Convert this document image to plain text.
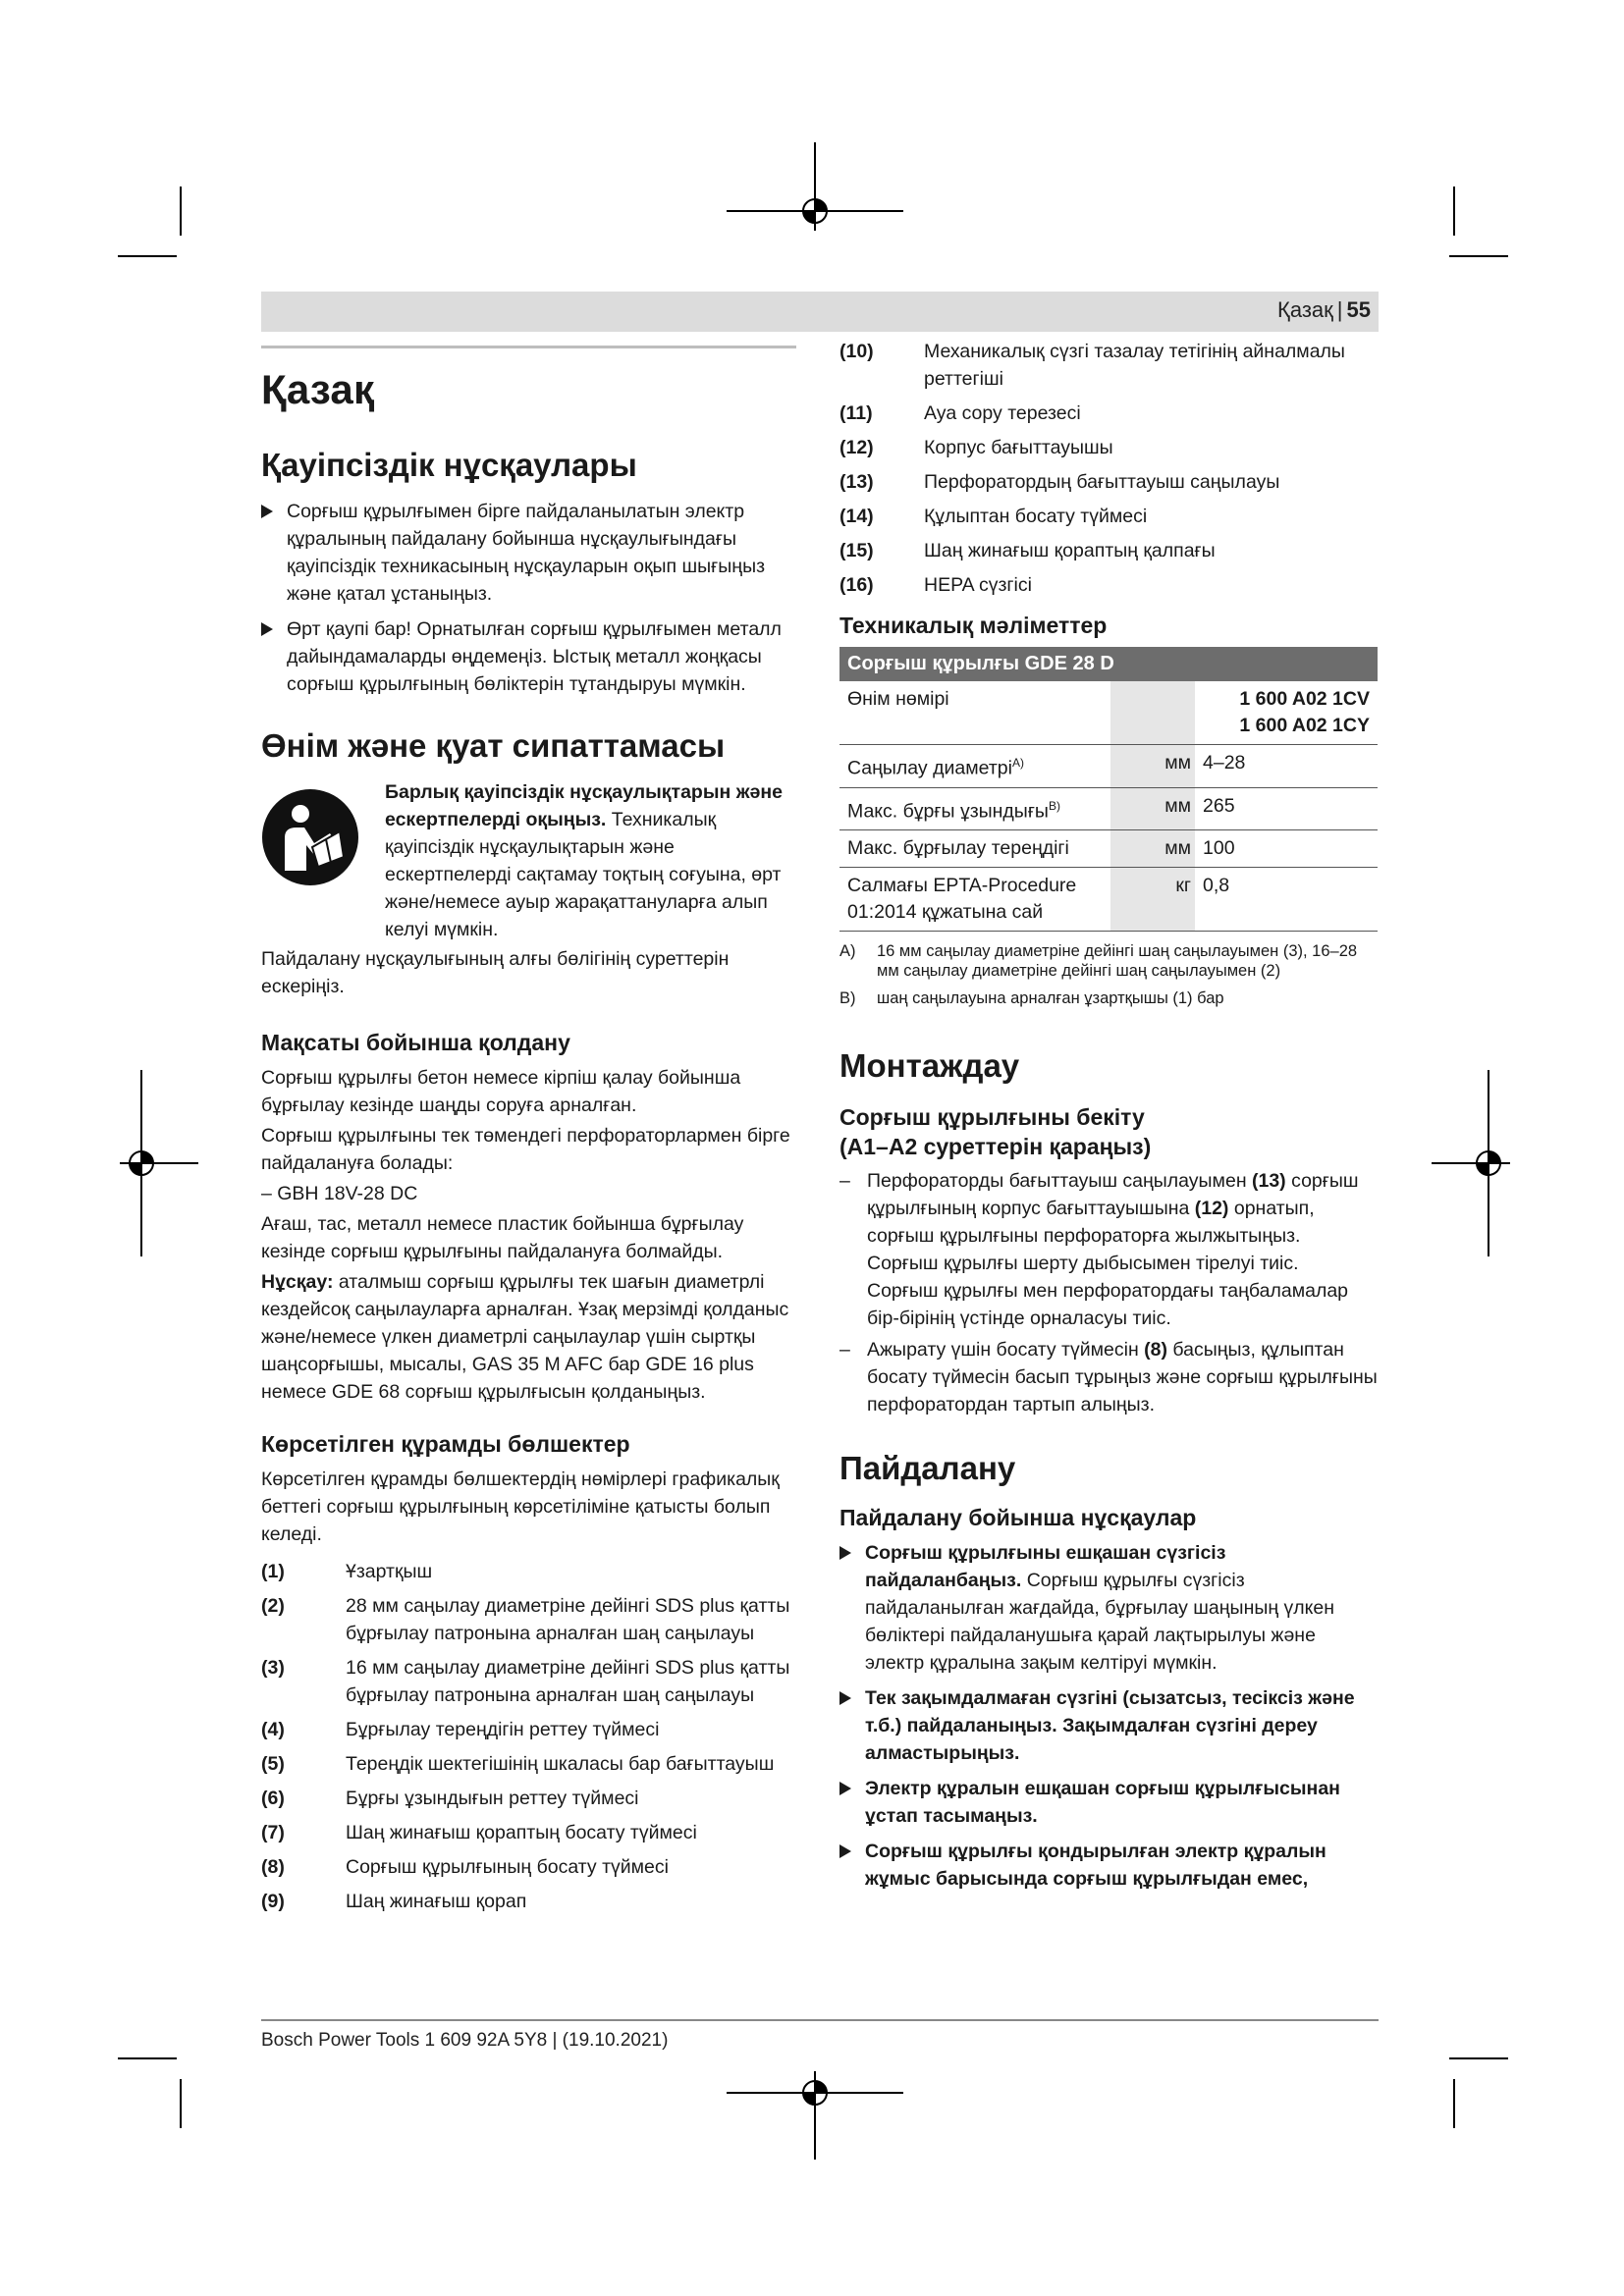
Қазақ | 55
Қазақ
Қауіпсіздік нұсқаулары
Сорғыш құрылғымен бірге пайдаланылатын электр құралының пайдалану бойынша нұсқаулығындағы қауіпсіздік техникасының нұсқауларын оқып шығыңыз және қатал ұстаныңыз.
Өрт қаупі бар! Орнатылған сорғыш құрылғымен металл дайындамаларды өңдемеңіз. Ыстық металл жоңқасы сорғыш құрылғының бөліктерін тұтандыруы мүмкін.
Өнім және қуат сипаттамасы
Барлық қауіпсіздік нұсқаулықтарын және ескертпелерді оқыңыз. Техникалық қауіпсіздік нұсқаулықтарын және ескертпелерді сақтамау тоқтың соғуына, өрт және/немесе ауыр жарақаттануларға алып келуі мүмкін.

Пайдалану нұсқаулығының алғы бөлігінің суреттерін ескеріңіз.

Мақсаты бойынша қолдану

Сорғыш құрылғы бетон немесе кірпіш қалау бойынша бұрғылау кезінде шаңды соруға арналған.

Сорғыш құрылғыны тек төмендегі перфораторлармен бірге пайдалануға болады:

– GBH 18V-28 DC

Ағаш, тас, металл немесе пластик бойынша бұрғылау кезінде сорғыш құрылғыны пайдалануға болмайды.

Нұсқау: аталмыш сорғыш құрылғы тек шағын диаметрлі кездейсоқ саңылауларға арналған. Ұзақ мерзімді қолданыс және/немесе үлкен диаметрлі саңылаулар үшін сыртқы шаңсорғышы, мысалы, GAS 35 M AFC бар GDE 16 plus немесе GDE 68 сорғыш құрылғысын қолданыңыз.

Көрсетілген құрамды бөлшектер

Көрсетілген құрамды бөлшектердің нөмірлері графикалық беттегі сорғыш құрылғының көрсетіліміне қатысты болып келеді.

(1)	Ұзартқыш
(2)	28 мм саңылау диаметріне дейінгі SDS plus қатты бұрғылау патронына арналған шаң саңылауы
(3)	16 мм саңылау диаметріне дейінгі SDS plus қатты бұрғылау патронына арналған шаң саңылауы
(4)	Бұрғылау тереңдігін реттеу түймесі
(5)	Тереңдік шектегішінің шкаласы бар бағыттауыш
(6)	Бұрғы ұзындығын реттеу түймесі
(7)	Шаң жинағыш қораптың босату түймесі
(8)	Сорғыш құрылғының босату түймесі
(9)	Шаң жинағыш қорап
(10)	Механикалық сүзгі тазалау тетігінің айналмалы реттегіші
(11)	Ауа сору терезесі
(12)	Корпус бағыттауышы
(13)	Перфоратордың бағыттауыш саңылауы
(14)	Құлыптан босату түймесі
(15)	Шаң жинағыш қораптың қалпағы
(16)	HEPA сүзгісі
Техникалық мәліметтер
Сорғыш құрылғы GDE 28 D		
Өнім нөмірі		1 600 A02 1CV
1 600 A02 1CY
Саңылау диаметрі$^{A)}$	мм	4–28
Макс. бұрғы ұзындығы$^{B)}$	мм	265
Макс. бұрғылау тереңдігі	мм	100
Салмағы EPTA-Procedure 01:2014 құжатына сай	кг	0,8
A)	16 мм саңылау диаметріне дейінгі шаң саңылауымен (3), 16–28 мм саңылау диаметріне дейінгі шаң саңылауымен (2)
B)	шаң саңылауына арналған ұзартқышы (1) бар
Монтаждау
Сорғыш құрылғыны бекіту
(A1–A2 суреттерін қараңыз)
– Перфораторды бағыттауыш саңылауымен (13) сорғыш құрылғының корпус бағыттауышына (12) орнатып, сорғыш құрылғыны перфораторға жылжытыңыз.
Сорғыш құрылғы шерту дыбысымен тірелуі тиіс.
Сорғыш құрылғы мен перфоратордағы таңбаламалар бір-бірінің үстінде орналасуы тиіс.
– Ажырату үшін босату түймесін (8) басыңыз, құлыптан босату түймесін басып тұрыңыз және сорғыш құрылғыны перфоратордан тартып алыңыз.
Пайдалану
Пайдалану бойынша нұсқаулар
Сорғыш құрылғыны ешқашан сүзгісіз пайдаланбаңыз. Сорғыш құрылғы сүзгісіз пайдаланылған жағдайда, бұрғылау шаңының үлкен бөліктері пайдаланушыға қарай лақтырылуы және электр құралына зақым келтіруі мүмкін.
Тек зақымдалмаған сүзгіні (сызатсыз, тесіксіз және т.б.) пайдаланыңыз. Зақымдалған сүзгіні дереу алмастырыңыз.
Электр құралын ешқашан сорғыш құрылғысынан ұстап тасымаңыз.
Сорғыш құрылғы қондырылған электр құралын жұмыс барысында сорғыш құрылғыдан емес,
Bosch Power Tools 1 609 92A 5Y8 | (19.10.2021)
